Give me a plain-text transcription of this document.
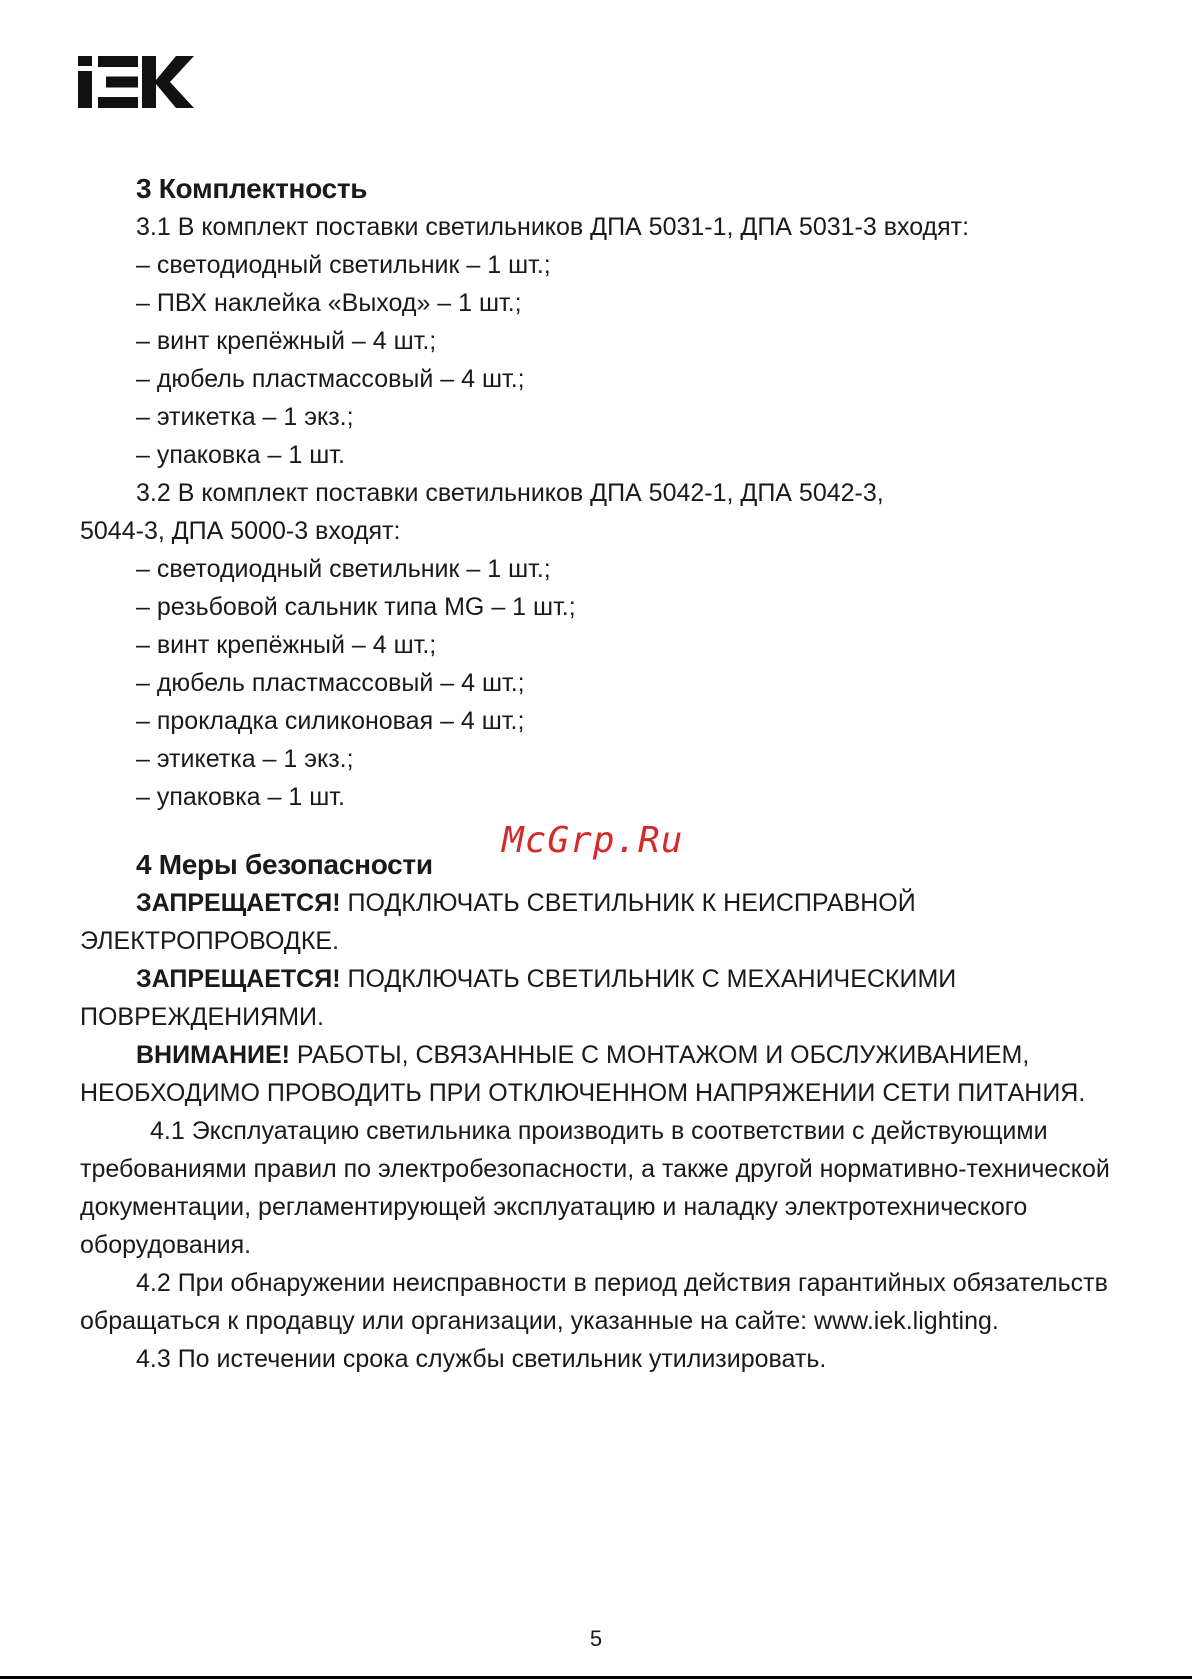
3 Комплектность

3.1 В комплект поставки светильников ДПА 5031-1, ДПА 5031-3 входят:

– светодиодный светильник – 1 шт.;

– ПВХ наклейка «Выход» – 1 шт.;

– винт крепёжный – 4 шт.;

– дюбель пластмассовый – 4 шт.;

– этикетка – 1 экз.;

– упаковка – 1 шт.

3.2 В комплект поставки светильников ДПА 5042-1, ДПА 5042-3,

5044-3, ДПА 5000-3 входят:

– светодиодный светильник – 1 шт.;

– резьбовой сальник типа MG – 1 шт.;

– винт крепёжный – 4 шт.;

– дюбель пластмассовый – 4 шт.;

– прокладка силиконовая – 4 шт.;

– этикетка – 1 экз.;

– упаковка – 1 шт.

4 Меры безопасности

ЗАПРЕЩАЕТСЯ! ПОДКЛЮЧАТЬ СВЕТИЛЬНИК К НЕИСПРАВНОЙ ЭЛЕКТРОПРОВОДКЕ.

ЗАПРЕЩАЕТСЯ! ПОДКЛЮЧАТЬ СВЕТИЛЬНИК С МЕХАНИЧЕСКИМИ ПОВРЕЖДЕНИЯМИ.

ВНИМАНИЕ! РАБОТЫ, СВЯЗАННЫЕ С МОНТАЖОМ И ОБСЛУЖИВАНИЕМ, НЕОБХОДИМО ПРОВОДИТЬ ПРИ ОТКЛЮЧЕННОМ НАПРЯЖЕНИИ СЕТИ ПИТАНИЯ.

4.1 Эксплуатацию светильника производить в соответствии с действующими требованиями правил по электробезопасности, а также другой нормативно-технической документации, регламентирующей эксплуатацию и наладку электротехнического оборудования.

4.2 При обнаружении неисправности в период действия гарантийных обязательств обращаться к продавцу или организации, указанные на сайте: www.iek.lighting.

4.3 По истечении срока службы светильник утилизировать.

McGrp.Ru
5
